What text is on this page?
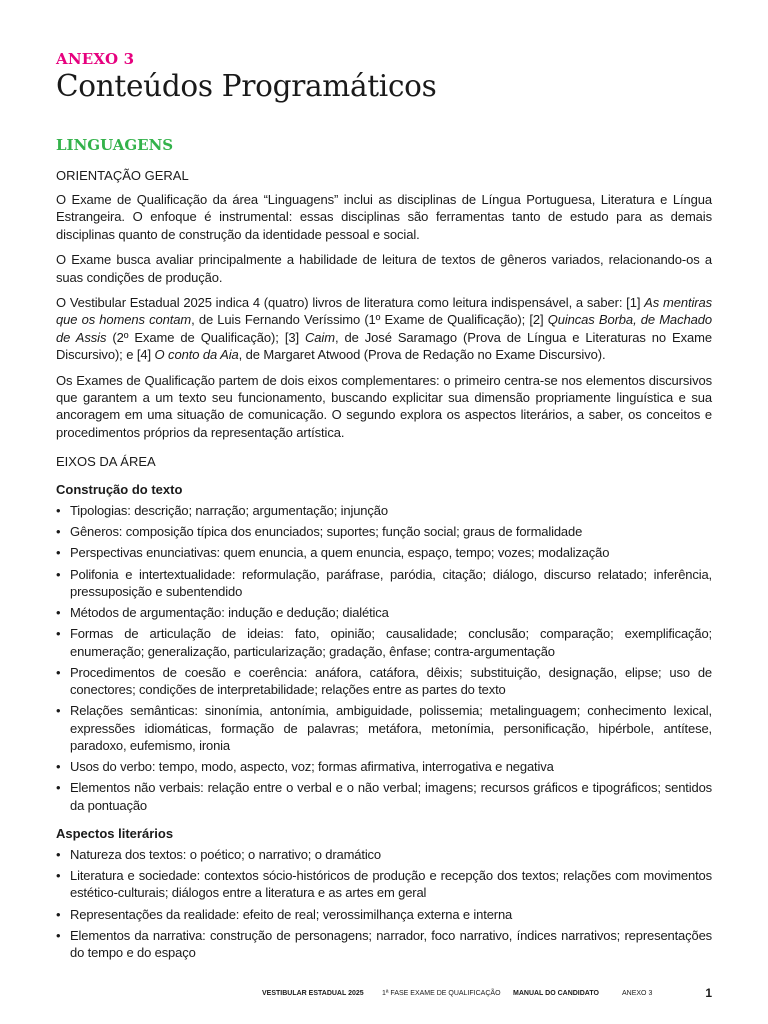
ANEXO 3
Conteúdos Programáticos
LINGUAGENS
ORIENTAÇÃO GERAL

O Exame de Qualificação da área “Linguagens” inclui as disciplinas de Língua Portuguesa, Literatura e Língua Estrangeira. O enfoque é instrumental: essas disciplinas são ferramentas tanto de estudo para as demais disciplinas quanto de construção da identidade pessoal e social.

O Exame busca avaliar principalmente a habilidade de leitura de textos de gêneros variados, relacionando-os a suas condições de produção.

O Vestibular Estadual 2025 indica 4 (quatro) livros de literatura como leitura indispensável, a saber: [1] As mentiras que os homens contam, de Luis Fernando Veríssimo (1º Exame de Qualificação); [2] Quincas Borba, de Machado de Assis (2º Exame de Qualificação); [3] Caim, de José Saramago (Prova de Língua e Literaturas no Exame Discursivo); e [4] O conto da Aia, de Margaret Atwood (Prova de Redação no Exame Discursivo).

Os Exames de Qualificação partem de dois eixos complementares: o primeiro centra-se nos elementos discursivos que garantem a um texto seu funcionamento, buscando explicitar sua dimensão propriamente linguística e sua ancoragem em uma situação de comunicação. O segundo explora os aspectos literários, a saber, os conceitos e procedimentos próprios da representação artística.

EIXOS DA ÁREA
Construção do texto
• Tipologias: descrição; narração; argumentação; injunção
• Gêneros: composição típica dos enunciados; suportes; função social; graus de formalidade
• Perspectivas enunciativas: quem enuncia, a quem enuncia, espaço, tempo; vozes; modalização
• Polifonia e intertextualidade: reformulação, paráfrase, paródia, citação; diálogo, discurso relatado; inferência, pressuposição e subentendido
• Métodos de argumentação: indução e dedução; dialética
• Formas de articulação de ideias: fato, opinião; causalidade; conclusão; comparação; exemplificação; enumeração; generalização, particularização; gradação, ênfase; contra-argumentação
• Procedimentos de coesão e coerência: anáfora, catáfora, dêixis; substituição, designação, elipse; uso de conectores; condições de interpretabilidade; relações entre as partes do texto
• Relações semânticas: sinonímia, antonímia, ambiguidade, polissemia; metalinguagem; conhecimento lexical, expressões idiomáticas, formação de palavras; metáfora, metonímia, personificação, hipérbole, antítese, paradoxo, eufemismo, ironia
• Usos do verbo: tempo, modo, aspecto, voz; formas afirmativa, interrogativa e negativa
• Elementos não verbais: relação entre o verbal e o não verbal; imagens; recursos gráficos e tipográficos; sentidos da pontuação
Aspectos literários
• Natureza dos textos: o poético; o narrativo; o dramático
• Literatura e sociedade: contextos sócio-históricos de produção e recepção dos textos; relações com movimentos estético-culturais; diálogos entre a literatura e as artes em geral
• Representações da realidade: efeito de real; verossimilhança externa e interna
• Elementos da narrativa: construção de personagens; narrador, foco narrativo, índices narrativos; representações do tempo e do espaço
VESTIBULAR ESTADUAL 2025	1ª FASE EXAME DE QUALIFICAÇÃO MANUAL DO CANDIDATO	ANEXO 3	1
